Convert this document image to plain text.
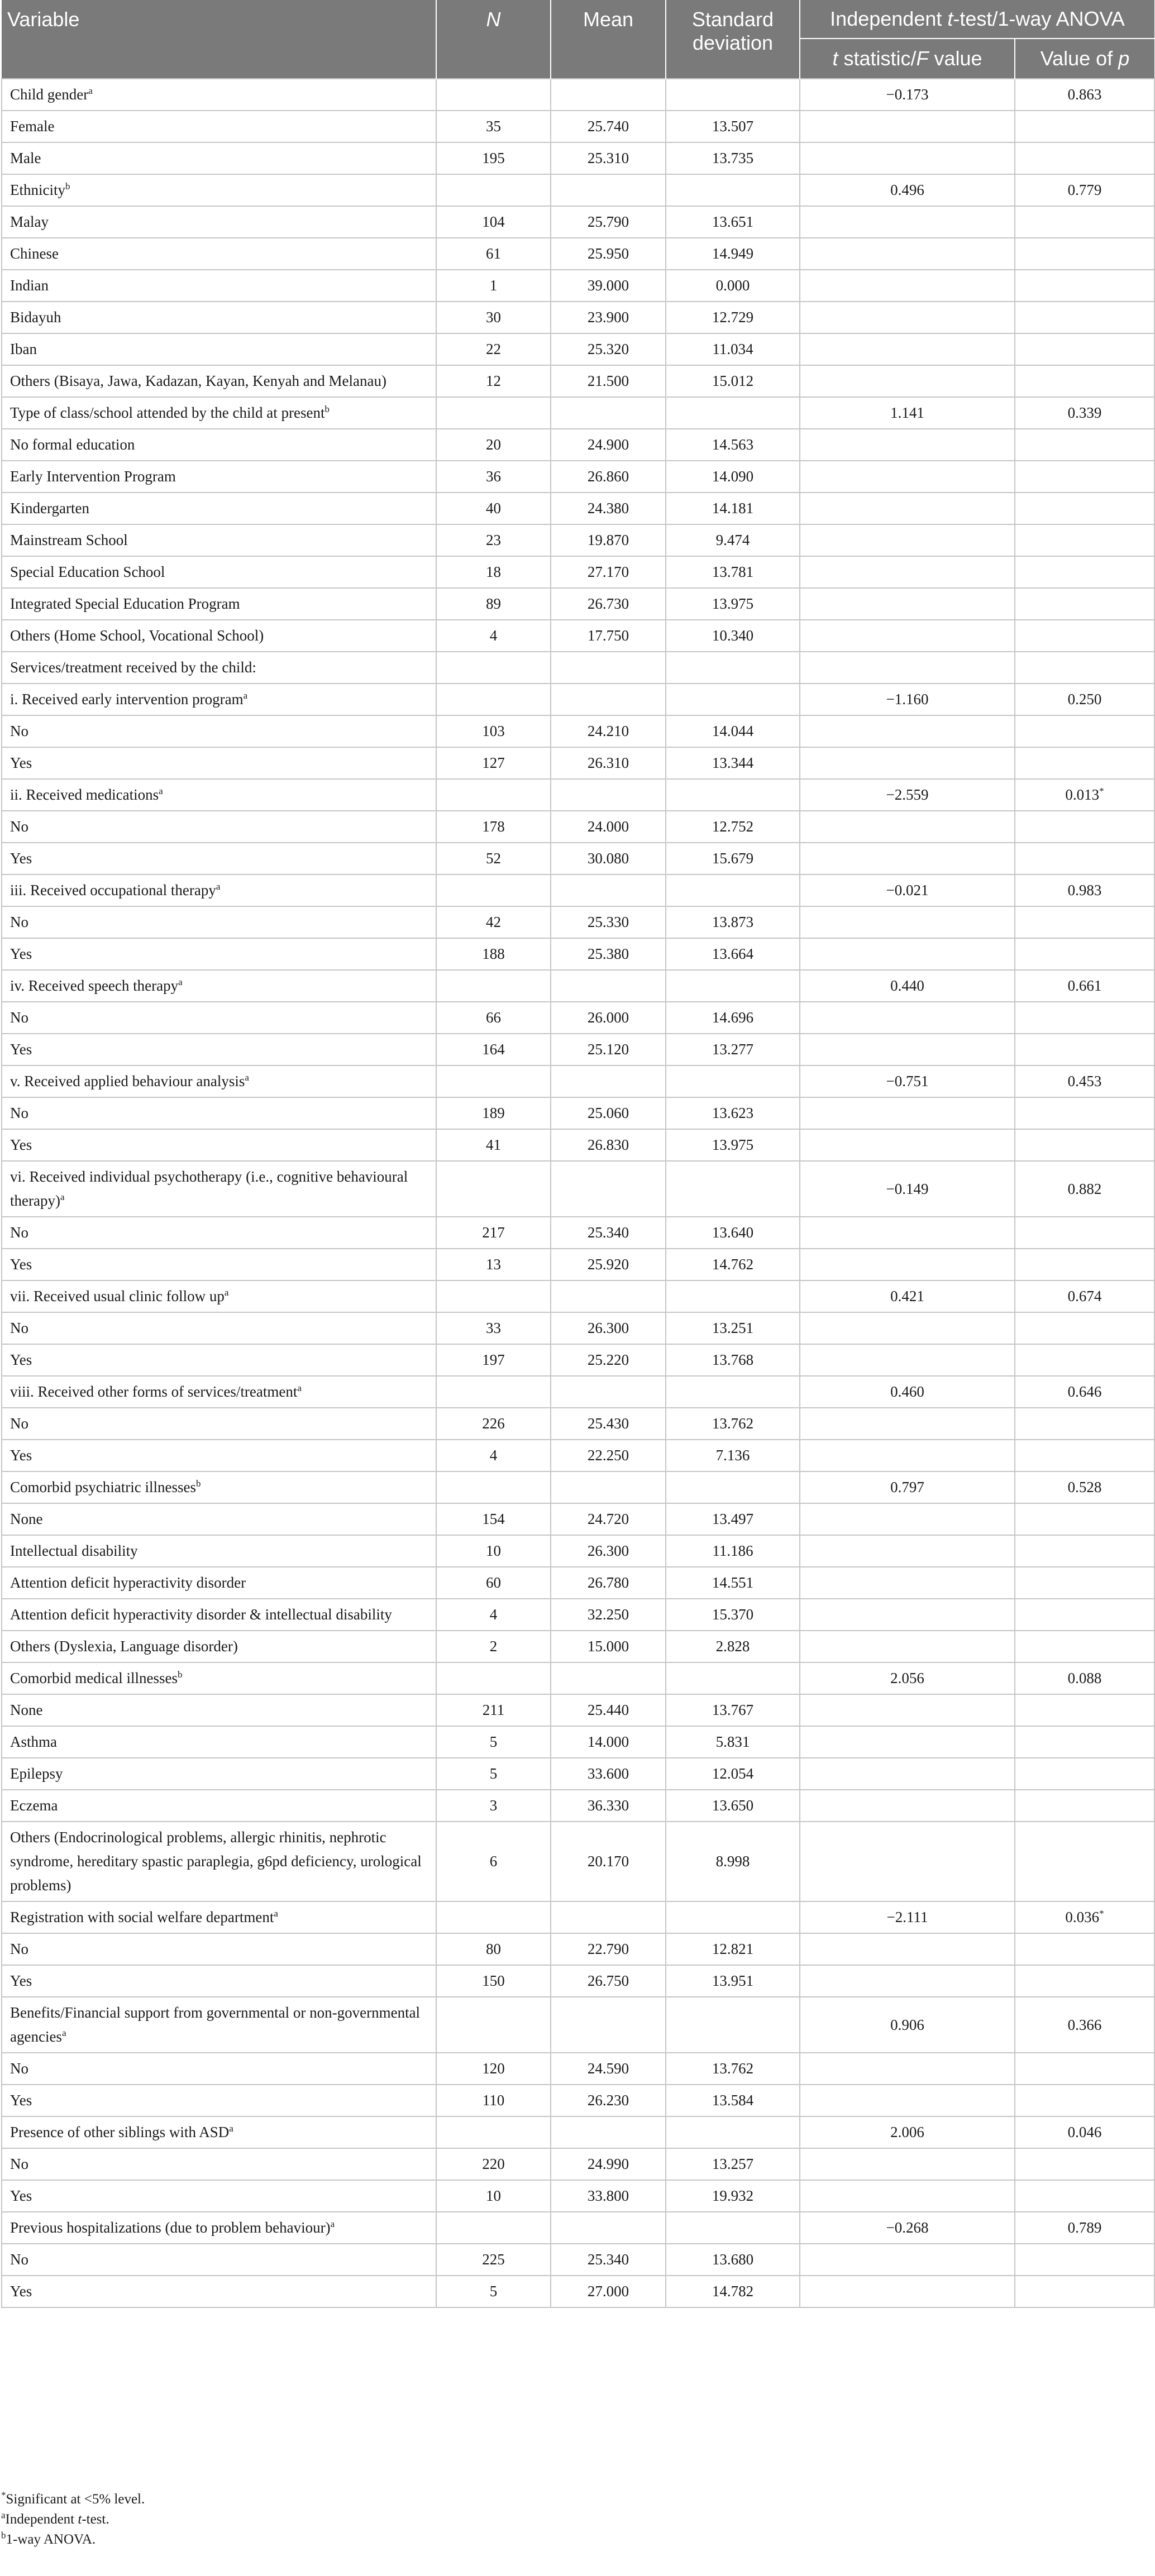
Variable	N	Mean	Standard deviation	Independent t-test/1-way ANOVA	
				t statistic/F value	Value of p
Child gender$^a$				−0.173	0.863
Female	35	25.740	13.507		
Male	195	25.310	13.735		
Ethnicity$^b$				0.496	0.779
Malay	104	25.790	13.651		
Chinese	61	25.950	14.949		
Indian	1	39.000	0.000		
Bidayuh	30	23.900	12.729		
Iban	22	25.320	11.034		
Others (Bisaya, Jawa, Kadazan, Kayan, Kenyah and Melanau)	12	21.500	15.012		
Type of class/school attended by the child at present$^b$				1.141	0.339
No formal education	20	24.900	14.563		
Early Intervention Program	36	26.860	14.090		
Kindergarten	40	24.380	14.181		
Mainstream School	23	19.870	9.474		
Special Education School	18	27.170	13.781		
Integrated Special Education Program	89	26.730	13.975		
Others (Home School, Vocational School)	4	17.750	10.340		
Services/treatment received by the child:					
i. Received early intervention program$^a$				−1.160	0.250
No	103	24.210	14.044		
Yes	127	26.310	13.344		
ii. Received medications$^a$				−2.559	0.013*
No	178	24.000	12.752		
Yes	52	30.080	15.679		
iii. Received occupational therapy$^a$				−0.021	0.983
No	42	25.330	13.873		
Yes	188	25.380	13.664		
iv. Received speech therapy$^a$				0.440	0.661
No	66	26.000	14.696		
Yes	164	25.120	13.277		
v. Received applied behaviour analysis$^a$				−0.751	0.453
No	189	25.060	13.623		
Yes	41	26.830	13.975		
vi. Received individual psychotherapy (i.e., cognitive behavioural therapy)$^a$				−0.149	0.882
No	217	25.340	13.640		
Yes	13	25.920	14.762		
vii. Received usual clinic follow $up^a$				0.421	0.674
No	33	26.300	13.251		
Yes	197	25.220	13.768		
viii. Received other forms of services/treatment$^a$				0.460	0.646
No	226	25.430	13.762		
Yes	4	22.250	7.136		
Comorbid psychiatric illnesses$^b$				0.797	0.528
None	154	24.720	13.497		
Intellectual disability	10	26.300	11.186		
Attention deficit hyperactivity disorder	60	26.780	14.551		
Attention deficit hyperactivity disorder & intellectual disability	4	32.250	15.370		
Others (Dyslexia, Language disorder)	2	15.000	2.828		
Comorbid medical illnesses$^b$				2.056	0.088
None	211	25.440	13.767		
Asthma	5	14.000	5.831		
Epilepsy	5	33.600	12.054		
Eczema	3	36.330	13.650		
Others (Endocrinological problems, allergic rhinitis, nephrotic syndrome, hereditary spastic paraplegia, g6pd deficiency, urological problems)	6	20.170	8.998		
Registration with social welfare department$^a$				−2.111	0.036*
No	80	22.790	12.821		
Yes	150	26.750	13.951		
Benefits/Financial support from governmental or non-governmental agencies$^a$				0.906	0.366
No	120	24.590	13.762		
Yes	110	26.230	13.584		
Presence of other siblings with ASD$^a$				2.006	0.046
No	220	24.990	13.257		
Yes	10	33.800	19.932		
Previous hospitalizations (due to problem behaviour)$^a$				−0.268	0.789
No	225	25.340	13.680		
Yes	5	27.000	14.782		
*Significant at <5% level.
$^a$Independent t-test.
$^b$1-way ANOVA.
